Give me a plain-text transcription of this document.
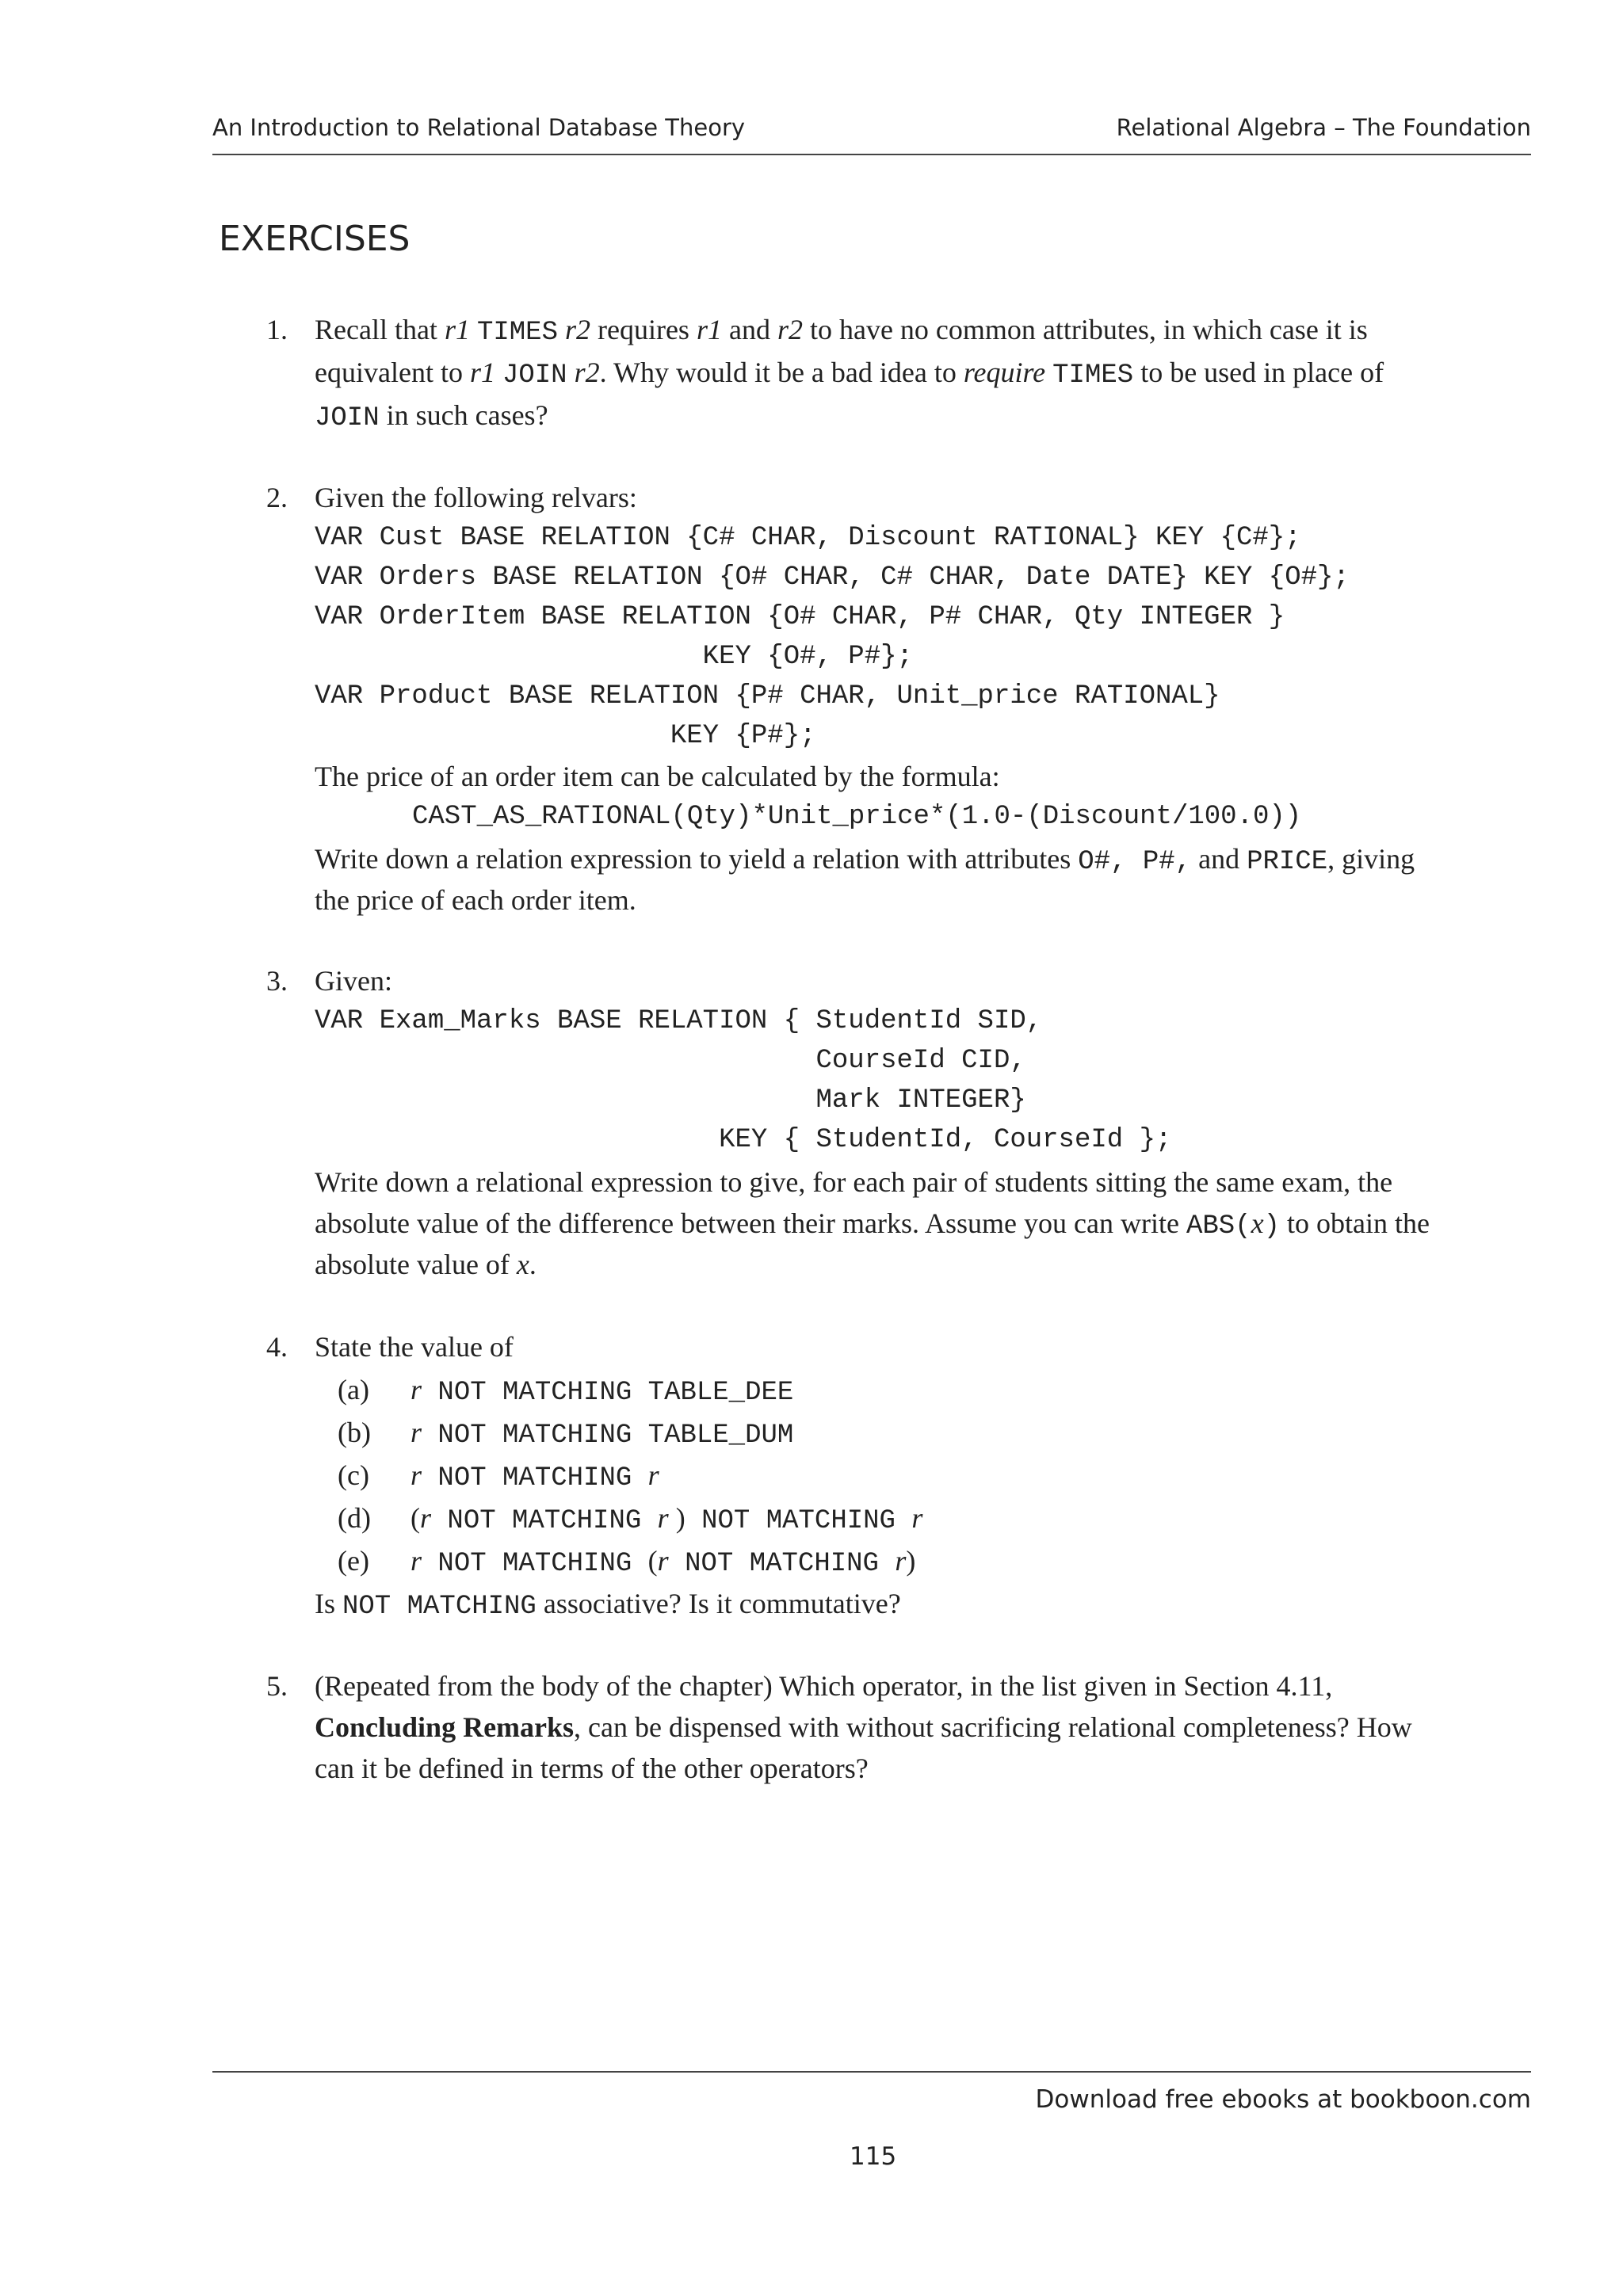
An Introduction to Relational Database Theory	Relational Algebra – The Foundation
EXERCISES
1. Recall that r1 TIMES r2 requires r1 and r2 to have no common attributes, in which case it is
equivalent to r1 JOIN r2. Why would it be a bad idea to require TIMES to be used in place of
JOIN in such cases?
2. Given the following relvars:
VAR Cust BASE RELATION {C# CHAR, Discount RATIONAL} KEY {C#};
VAR Orders BASE RELATION {O# CHAR, C# CHAR, Date DATE} KEY {O#};
VAR OrderItem BASE RELATION {O# CHAR, P# CHAR, Qty INTEGER }
KEY {O#, P#};
VAR Product BASE RELATION {P# CHAR, Unit_price RATIONAL}
KEY {P#};
The price of an order item can be calculated by the formula:
CAST_AS_RATIONAL(Qty)*Unit_price*(1.0-(Discount/100.0))
Write down a relation expression to yield a relation with attributes O#, P#, and PRICE, giving
the price of each order item.
3. Given:
VAR Exam_Marks BASE RELATION { StudentId SID,
CourseId CID,
Mark INTEGER}
KEY { StudentId, CourseId };
Write down a relational expression to give, for each pair of students sitting the same exam, the
absolute value of the difference between their marks. Assume you can write ABS(x) to obtain the
absolute value of x.
4. State the value of
(a) r NOT MATCHING TABLE_DEE
(b) r NOT MATCHING TABLE_DUM
(c) r NOT MATCHING r
(d) (r NOT MATCHING r ) NOT MATCHING r
(e) r NOT MATCHING (r NOT MATCHING r)
Is NOT MATCHING associative? Is it commutative?
5. (Repeated from the body of the chapter) Which operator, in the list given in Section 4.11,
Concluding Remarks, can be dispensed with without sacrificing relational completeness? How
can it be defined in terms of the other operators?
Download free ebooks at bookboon.com
115
